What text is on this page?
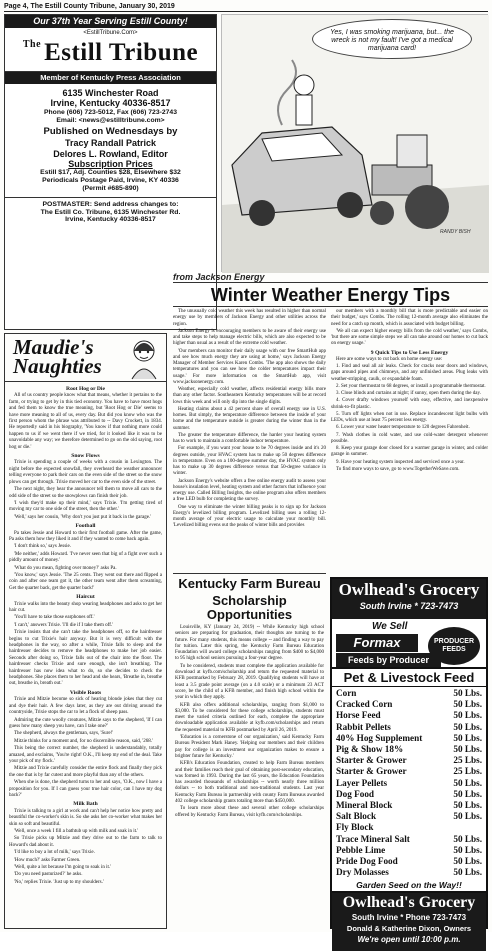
Page 4, The Estill County Tribune, January 30, 2019
Our 37th Year Serving Estill County!
<EstillTribune.Com>
$^{The}$ Estill Tribune
Member of Kentucky Press Association
6135 Winchester Road
Irvine, Kentucky 40336-8517
Phone (606) 723-5012, Fax (606) 723-2743
Email: <news@estilltribune.com>
Published on Wednesdays by
Tracy Randall Patrick
Delores L. Rowland, Editor
Subscription Prices
Estill $17, Adj. Counties $28, Elsewhere $32
Periodicals Postage Paid, Irvine, KY 40336
(Permit #685-890)
POSTMASTER: Send address changes to:
The Estill Co. Tribune, 6135 Winchester Rd.
Irvine, Kentucky 40336-8517
Yes, I was smoking marijuana, but... the wreck is not my fault! I've got a medical marijuana card!
RANDY BISH
from Jackson Energy
Maudie's
Naughties
Root Hog or Die

All of us country people know what that means, whether it pertains to the farm, or trying to get by in this tied economy. You have to have most hogs and fed them to know the true meaning, but 'Root Hog or Die' seems to have more meaning to all of us, every day. But did you know who was the first person whom the phrase was attributed to -- Davy Crockett, in 1834. He reportedly said in his biography, 'You know if that nothing more could happen to us if we went there if we tried, for it looked like it was to be unavoidable any way; we therefore determined to go on the old saying, root hog or die.'

Snow Flows

Trixie is spending a couple of weeks with a cousin in Lexington. The night before the expected snowfall, they overheard the weather announcer telling everyone to park their cars on the even side of the street so the snow plows can get through. Trixie moved her car to the even side of the street.

The next night, they hear the announcer tell them to move all cars to the odd side of the street so the snowplows can finish their job.

'I wish they'd make up their mind,' says Trixie. 'I'm getting tired of moving my car to one side of the street, then the other.'

'Well,' says her cousin, 'Why don't you just put it back in the garage.'

Football

Pa takes Jessie and Howard to their first football game. After the game, Pa asks them how they liked it and if they wanted to come back again.

'I don't think so,' says Jessie.

'Me neither,' adds Howard. 'I've never seen that big of a fight over such a piddly amount of money.'

'What do you mean, fighting over money?' asks Pa.

'You know,' says Jessie. 'The 25 cents. They went out there and flipped a coin and after one team got it, the other team went after them screaming, Get the quarter back, get the quarter back!'

Haircut

Trixie walks into the beauty shop wearing headphones and asks to get her hair cut.

'You'll have to take those earphones off.'

'I can't,' answers Trixie. 'I'll die if I take them off.'

Trixie insists that she can't take the headphones off, so the hairdresser begins to cut Trixie's hair anyway. But it is very difficult with the headphones in the way, so after a while, Trixie falls to sleep and the hairdresser decides to remove the headphones to make her job easier. Seconds after doing so, Trixie falls out of the chair into the floor. The hairdresser checks Trixie and sure enough, she isn't breathing. The hairdresser has now idea what to do, so she decides to check the headphones. She places them to her head and she hears, 'Breathe in, breathe out, breathe in, breath out.'

Visible Roots

Trixie and Mitzie become so sick of hearing blonde jokes that they cut and dye their hair. A few days later, as they are out driving around the countryside, Trixie stops the car to let a flock of sheep pass.

Admiring the cute woolly creatures, Mitzie says to the shepherd, 'If I can guess how many sheep you have, can I take one?'

The shepherd, always the gentleman, says, 'Sure!'

Mitzie thinks for a moment and, for no discernible reason, said, '268.'

This being the correct number, the shepherd is understandably, totally amazed, and exclaims, 'You're right! O.K., I'll keep my end of the deal. Take your pick of my flock.'

Mitzie and Trixie carefully consider the entire flock and finally they pick the one that is by far cutest and more playful than any of the others.

When she is done, the shepherd turns to her and says, 'O.K., now I have a proposition for you. If I can guess your true hair color, can I have my dog back?'

Milk Bath

Trixie is talking to a girl at work and can't help her notice how pretty and beautiful the co-worker's skin is. So she asks her co-worker what makes her skin so soft and beautiful.

'Well, once a week I fill a bathtub up with milk and soak in it.'

So Trixie picks up Mitzie and they drive out to the farm to talk to Howard's dad about it.

'I'd like to buy a lot of milk,' says Trixie.

'How much?' asks Farmer Green.

'Well, quite a lot because I'm going to soak in it.'

'Do you need pasturized?' he asks.

'No,' replies Trixie. 'Just up to my shoulders.'

Winter Weather Energy Tips

The unusually cold weather this week has resulted in higher than normal energy use by members of Jackson Energy and other utilities across the region.

Jackson Energy is encouraging members to be aware of their energy use and take steps to help manage electric bills, which are also expected to be higher than usual as a result of the extreme cold weather.

'Our members can monitor their daily usage with our free SmartHub app and see how much energy they are using at home,' says Jackson Energy Manager of Member Services Karen Combs. 'The app also shows the daily temperatures and you can see how the colder temperatures impact their usage.' For more information on the SmartHub app, visit www.jacksonenergy.com.

Weather, especially cold weather, affects residential energy bills more than any other factor. Southeastern Kentucky temperatures will be at record lows this week and will only dip into the single digits.

Heating claims about a 42 percent share of overall energy use in U.S. homes. But simply, the temperature difference between the inside of your home and the temperature outside is greater during the winter than in the summer.

The greater the temperature difference, the harder your heating system has to work to maintain a comfortable indoor temperature.

For example, if you want your house to be 70 degrees inside and it's 20 degrees outside, your HVAC system has to make up 50 degrees difference in temperature. Even on a 100-degree summer day, the HVAC system only has to make up 30 degrees difference versus that 50-degree variance in winter.

Jackson Energy's website offers a free online energy audit to assess your house's insulation level, heating system and other factors that influence your energy use. Called Billing Insights, the online program also offers members a free LED bulb for completing the survey.

One way to eliminate the winter billing peaks is to sign up for Jackson Energy's levelized billing program. Levelized billing uses a rolling 12-month average of your electric usage to calculate your monthly bill. 'Levelized billing evens out the peaks of winter bills and provides

our members with a monthly bill that is more predictable and easier on their budget,' says Combs. The rolling 12-month average also eliminates the need for a catch up month, which is associated with budget billing.

'We all can expect higher energy bills from the cold weather,' says Combs, 'but there are some simple steps we all can take around our homes to cut back on energy usage.'

9 Quick Tips to Use Less Energy

Here are some ways to cut back on home energy use:

1. Find and seal all air leaks. Check for cracks near doors and windows, gaps around pipes and chimneys, and any unfinished areas. Plug leaks with weather-stripping, caulk, or expandable foam.

2. Set your thermostat to 68 degrees, or install a programmable thermostat.

3. Close blinds and curtains at night; if sunny, open them during the day.

4. Cover drafty windows yourself with easy, effective, and inexpensive shrink-to-fit plastic.

5. Turn off lights when not in use. Replace incandescent light bulbs with LEDs, which use at least 75 percent less energy.

6. Lower your water heater temperature to 120 degrees Fahrenheit.

7. Wash clothes in cold water, and use cold-water detergent whenever possible.

8. Keep your garage door closed for a warmer garage in winter, and colder garage in summer.

9. Have your heating system inspected and serviced once a year.

To find more ways to save, go to www.TogetherWeSave.com.

Kentucky Farm Bureau
Scholarship Opportunities

Louisville, KY (January 24, 2019) -- While Kentucky high school seniors are preparing for graduation, their thoughts are turning to the future. For many students, this means college -- and finding a way to pay for tuition. Later this spring, the Kentucky Farm Bureau Education Foundation will award college scholarships ranging from $400 to $4,000 to 95 high school seniors pursuing a four-year degree.

To be considered, students must complete the application available for download at kyfb.com/scholarship and return the requested material to KFB postmarked by February 28, 2019. Qualifying students will have at least a 3.5 grade point average (on a 4.0 scale) or a minimum 23 ACT score, be the child of a KFB member, and finish high school within the year in which they apply.

KFB also offers additional scholarships, ranging from $1,000 to $3,000. To be considered for these college scholarships, students must meet the varied criteria outlined for each, complete the appropriate downloadable application available at kyfb.com/scholarships and return the requested material to KFB postmarked by April 26, 2019.

'Education is a cornerstone of our organization,' said Kentucky Farm Bureau President Mark Haney. 'Helping our members and their children pay for college is an investment our organization makes to ensure a brighter future for Kentucky.'

KFB's Education Foundation, created to help Farm Bureau members and their families reach their goal of obtaining post-secondary education, was formed in 1993. During the last 65 years, the Education Foundation has awarded thousands of scholarships -- worth nearly three million dollars -- to both traditional and non-traditional students. Last year Kentucky Farm Bureau in partnership with county Farm Bureaus awarded 402 college scholarship grants totaling more than $450,000.

To learn more about these and several other college scholarships offered by Kentucky Farm Bureau, visit kyfb.com/scholarships.

Owlhead's Grocery
South Irvine * 723-7473
We Sell
Formax	PRODUCER FEEDS
Feeds by Producer
Pet & Livestock Feed
Corn	50 Lbs.
Cracked Corn	50 Lbs.
Horse Feed	50 Lbs.
Rabbit Pellets	50 Lbs.
40% Hog Supplement	50 Lbs.
Pig & Show 18%	50 Lbs.
Starter & Grower	25 Lbs.
Starter & Grower	25 Lbs.
Layer Pellets	50 Lbs.
Dog Food	50 Lbs.
Mineral Block	50 Lbs.
Salt Block	50 Lbs.
Fly Block
Trace Mineral Salt	50 Lbs.
Pebble Lime	50 Lbs.
Pride Dog Food	50 Lbs.
Dry Molasses	50 Lbs.
Garden Seed on the Way!!
Owlhead's Grocery
South Irvine * Phone 723-7473
Donald & Katherine Dixon, Owners
We're open until 10:00 p.m.
